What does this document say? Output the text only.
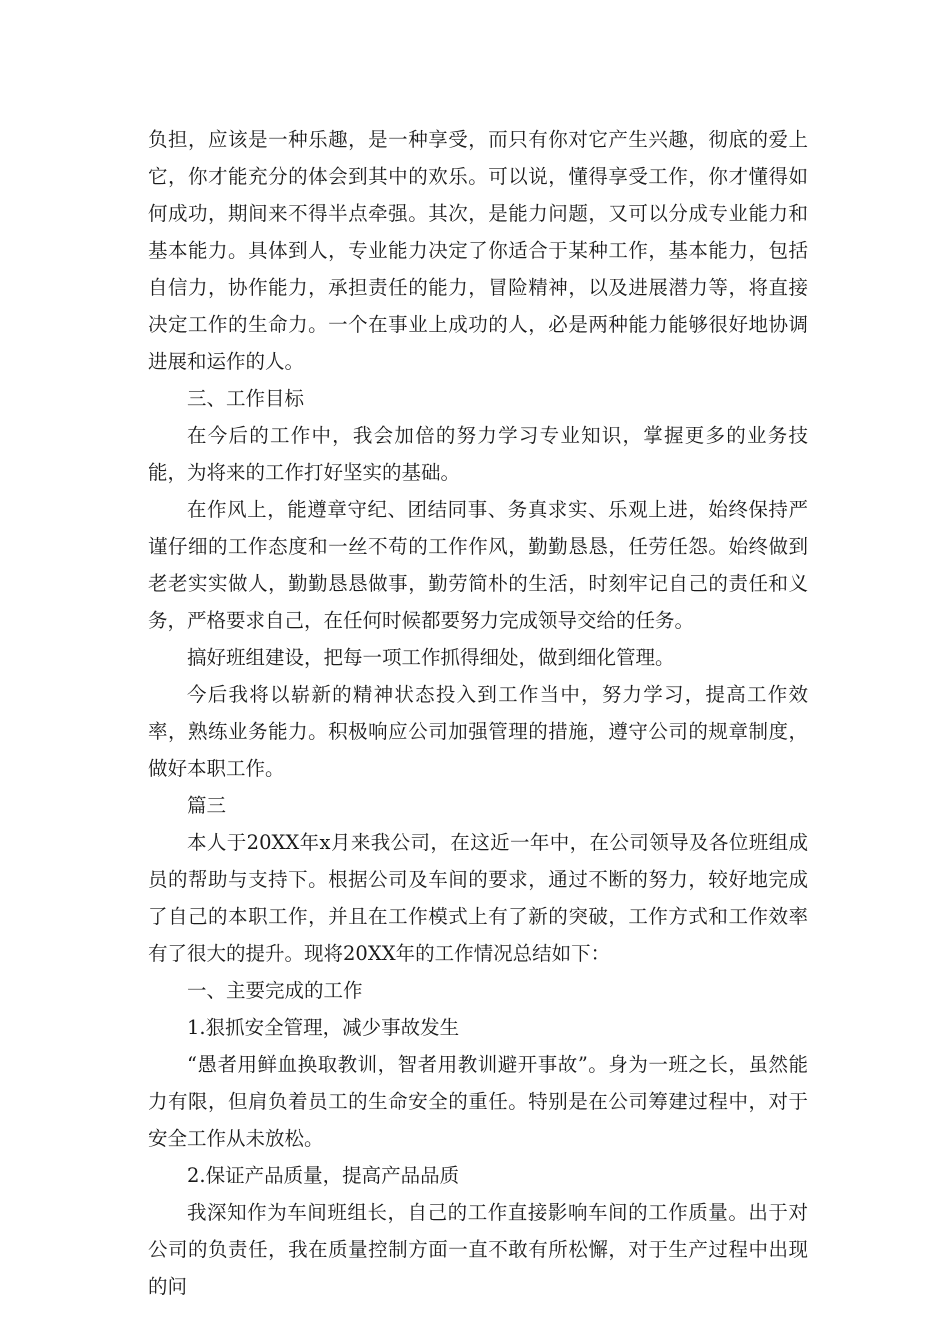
负担，应该是一种乐趣，是一种享受，而只有你对它产生兴趣，彻底的爱上它，你才能充分的体会到其中的欢乐。可以说，懂得享受工作，你才懂得如何成功，期间来不得半点牵强。其次，是能力问题，又可以分成专业能力和基本能力。具体到人，专业能力决定了你适合于某种工作，基本能力，包括自信力，协作能力，承担责任的能力，冒险精神，以及进展潜力等，将直接决定工作的生命力。一个在事业上成功的人，必是两种能力能够很好地协调进展和运作的人。

三、工作目标

在今后的工作中，我会加倍的努力学习专业知识，掌握更多的业务技能，为将来的工作打好坚实的基础。

在作风上，能遵章守纪、团结同事、务真求实、乐观上进，始终保持严谨仔细的工作态度和一丝不苟的工作作风，勤勤恳恳，任劳任怨。始终做到老老实实做人，勤勤恳恳做事，勤劳简朴的生活，时刻牢记自己的责任和义务，严格要求自己，在任何时候都要努力完成领导交给的任务。

搞好班组建设，把每一项工作抓得细处，做到细化管理。

今后我将以崭新的精神状态投入到工作当中，努力学习，提高工作效率，熟练业务能力。积极响应公司加强管理的措施，遵守公司的规章制度，做好本职工作。

篇三

本人于20XX年x月来我公司，在这近一年中，在公司领导及各位班组成员的帮助与支持下。根据公司及车间的要求，通过不断的努力，较好地完成了自己的本职工作，并且在工作模式上有了新的突破，工作方式和工作效率有了很大的提升。现将20XX年的工作情况总结如下：

一、主要完成的工作

1.狠抓安全管理，减少事故发生

“愚者用鲜血换取教训，智者用教训避开事故”。身为一班之长，虽然能力有限，但肩负着员工的生命安全的重任。特别是在公司筹建过程中，对于安全工作从未放松。

2.保证产品质量，提高产品品质

我深知作为车间班组长，自己的工作直接影响车间的工作质量。出于对公司的负责任，我在质量控制方面一直不敢有所松懈，对于生产过程中出现的问
